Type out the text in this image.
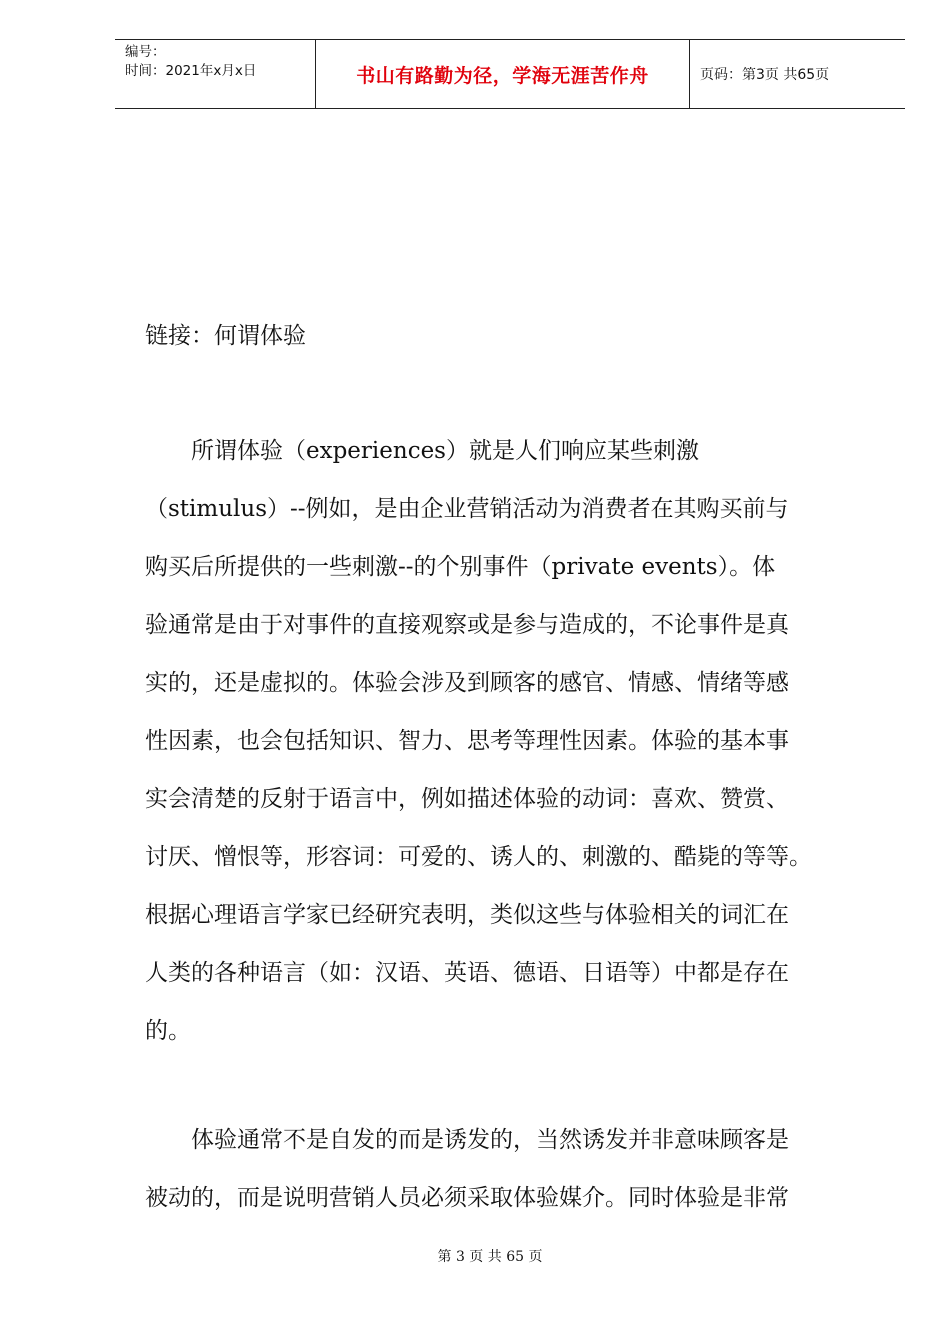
编号：
时间：2021年x月x日	书山有路勤为径，学海无涯苦作舟	页码：第3页 共65页
链接：何谓体验
　　所谓体验（experiences）就是人们响应某些刺激
（stimulus）--例如，是由企业营销活动为消费者在其购买前与
购买后所提供的一些刺激--的个别事件（private events）。体
验通常是由于对事件的直接观察或是参与造成的，不论事件是真
实的，还是虚拟的。体验会涉及到顾客的感官、情感、情绪等感
性因素，也会包括知识、智力、思考等理性因素。体验的基本事
实会清楚的反射于语言中，例如描述体验的动词：喜欢、赞赏、
讨厌、憎恨等，形容词：可爱的、诱人的、刺激的、酷毙的等等。
根据心理语言学家已经研究表明，类似这些与体验相关的词汇在
人类的各种语言（如：汉语、英语、德语、日语等）中都是存在
的。
　　体验通常不是自发的而是诱发的，当然诱发并非意味顾客是
被动的，而是说明营销人员必须采取体验媒介。同时体验是非常
第 3 页 共 65 页
